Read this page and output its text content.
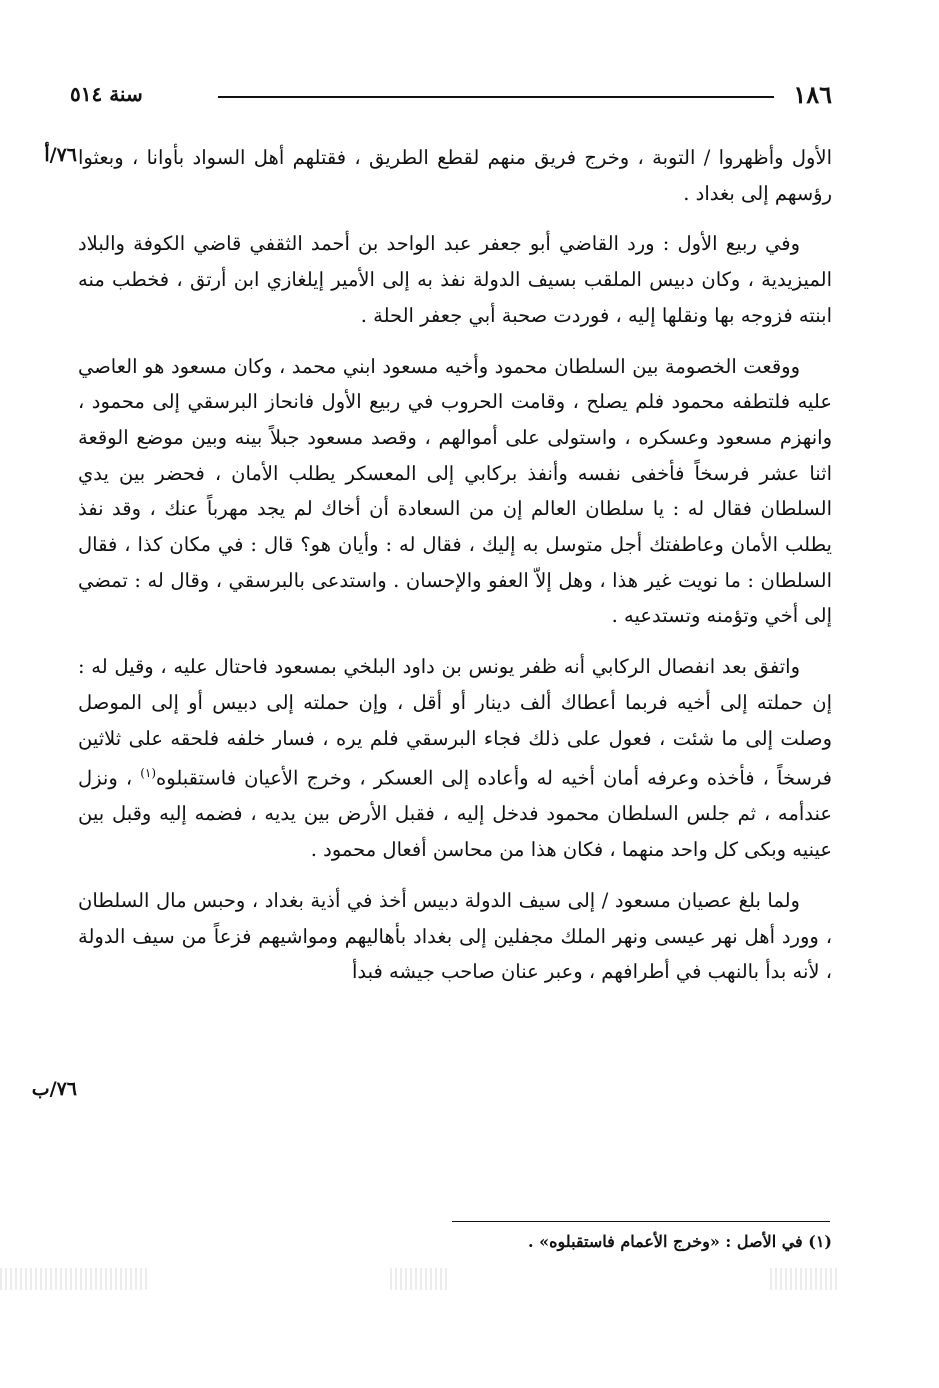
١٨٦
سنة ٥١٤
٧٦/أ
٧٦/ب

الأول وأظهروا / التوبة ، وخرج فريق منهم لقطع الطريق ، فقتلهم أهل السواد بأوانا ، وبعثوا رؤسهم إلى بغداد .

وفي ربيع الأول : ورد القاضي أبو جعفر عبد الواحد بن أحمد الثقفي قاضي الكوفة والبلاد الميزيدية ، وكان دبيس الملقب بسيف الدولة نفذ به إلى الأمير إيلغازي ابن أرتق ، فخطب منه ابنته فزوجه بها ونقلها إليه ، فوردت صحبة أبي جعفر الحلة .

ووقعت الخصومة بين السلطان محمود وأخيه مسعود ابني محمد ، وكان مسعود هو العاصي عليه فلتطفه محمود فلم يصلح ، وقامت الحروب في ربيع الأول فانحاز البرسقي إلى محمود ، وانهزم مسعود وعسكره ، واستولى على أموالهم ، وقصد مسعود جبلاً بينه وبين موضع الوقعة اثنا عشر فرسخاً فأخفى نفسه وأنفذ بركابي إلى المعسكر يطلب الأمان ، فحضر بين يدي السلطان فقال له : يا سلطان العالم إن من السعادة أن أخاك لم يجد مهرباً عنك ، وقد نفذ يطلب الأمان وعاطفتك أجل متوسل به إليك ، فقال له : وأيان هو؟ قال : في مكان كذا ، فقال السلطان : ما نويت غير هذا ، وهل إلاّ العفو والإحسان . واستدعى بالبرسقي ، وقال له : تمضي إلى أخي وتؤمنه وتستدعيه .

واتفق بعد انفصال الركابي أنه ظفر يونس بن داود البلخي بمسعود فاحتال عليه ، وقيل له : إن حملته إلى أخيه فربما أعطاك ألف دينار أو أقل ، وإن حملته إلى دبيس أو إلى الموصل وصلت إلى ما شئت ، فعول على ذلك فجاء البرسقي فلم يره ، فسار خلفه فلحقه على ثلاثين فرسخاً ، فأخذه وعرفه أمان أخيه له وأعاده إلى العسكر ، وخرج الأعيان فاستقبلوه$^{(١)}$ ، ونزل عندأمه ، ثم جلس السلطان محمود فدخل إليه ، فقبل الأرض بين يديه ، فضمه إليه وقبل بين عينيه وبكى كل واحد منهما ، فكان هذا من محاسن أفعال محمود .

ولما بلغ عصيان مسعود / إلى سيف الدولة دبيس أخذ في أذية بغداد ، وحبس مال السلطان ، وورد أهل نهر عيسى ونهر الملك مجفلين إلى بغداد بأهاليهم ومواشيهم فزعاً من سيف الدولة ، لأنه بدأ بالنهب في أطرافهم ، وعبر عنان صاحب جيشه فبدأ

(١) في الأصل : «وخرج الأعمام فاستقبلوه» .
